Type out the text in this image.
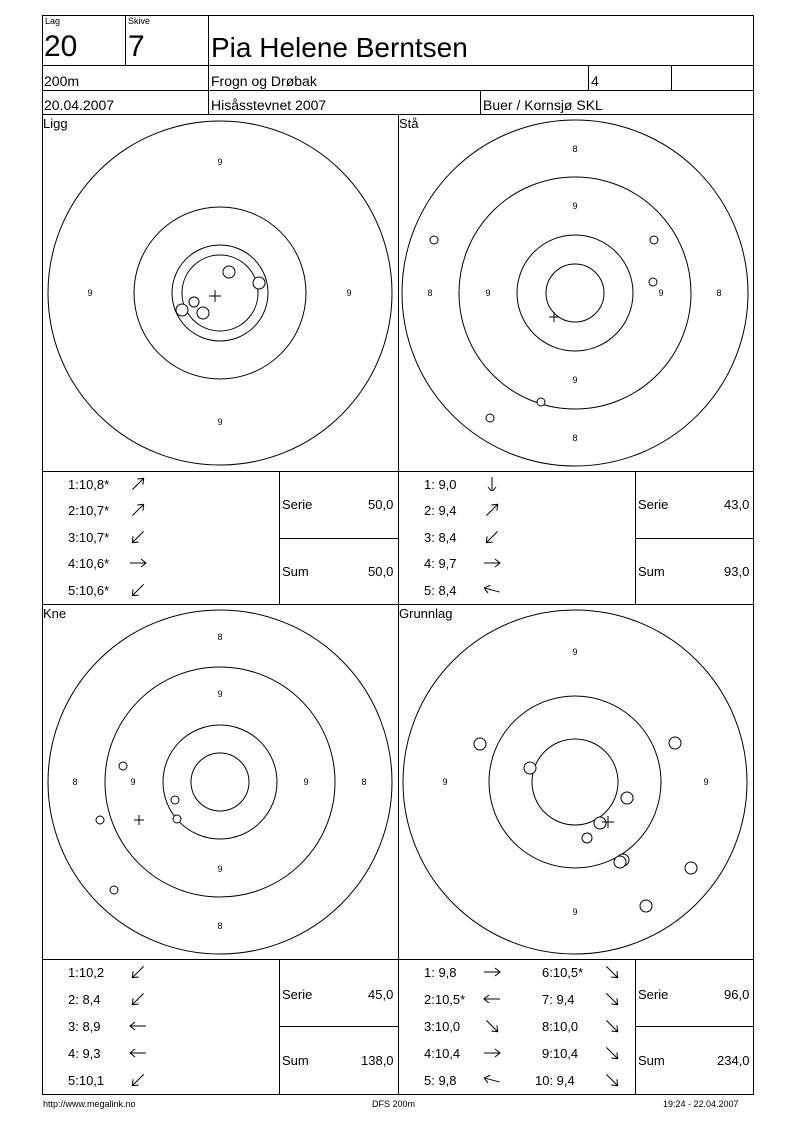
Lag
20
Skive
7 Pia Helene Berntsen
200m	Frogn og Drøbak	4
20.04.2007	Hisåsstevnet 2007	Buer / Kornsjø SKL
Ligg
9
9
9	9
Stå
8
9
8	9	9	8
9
8
Kne
8
9
8	9	9	8
9
8
Grunnlag
9
9
9	9
1:10,8*
2:10,7*
3:10,7*
4:10,6*
5:10,6*
Serie	50,0
Sum	50,0
1: 9,0
2: 9,4
3: 8,4
4: 9,7
5: 8,4
Serie	43,0
Sum	93,0
1:10,2
2: 8,4
3: 8,9
4: 9,3
5:10,1
Serie	45,0
Sum	138,0
1: 9,8
2:10,5*
3:10,0
4:10,4
5: 9,8
6:10,5*
7: 9,4
8:10,0
9:10,4
10: 9,4
Serie	96,0
Sum	234,0
http://www.megalink.no	DFS 200m	19:24 - 22.04.2007
